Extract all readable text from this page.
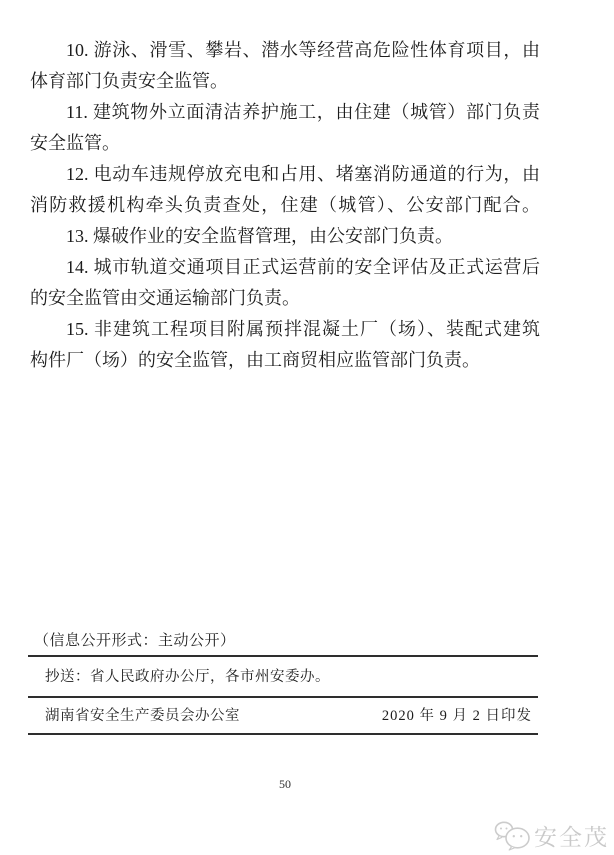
10. 游泳、滑雪、攀岩、潜水等经营高危险性体育项目，由
体育部门负责安全监管。
11. 建筑物外立面清洁养护施工，由住建（城管）部门负责
安全监管。
12. 电动车违规停放充电和占用、堵塞消防通道的行为，由
消防救援机构牵头负责查处，住建（城管）、公安部门配合。
13. 爆破作业的安全监督管理，由公安部门负责。
14. 城市轨道交通项目正式运营前的安全评估及正式运营后
的安全监管由交通运输部门负责。
15. 非建筑工程项目附属预拌混凝土厂（场）、装配式建筑
构件厂（场）的安全监管，由工商贸相应监管部门负责。
（信息公开形式：主动公开）
抄送：省人民政府办公厅，各市州安委办。
湖南省安全生产委员会办公室	2020 年 9 月 2 日印发
50
安全茂
